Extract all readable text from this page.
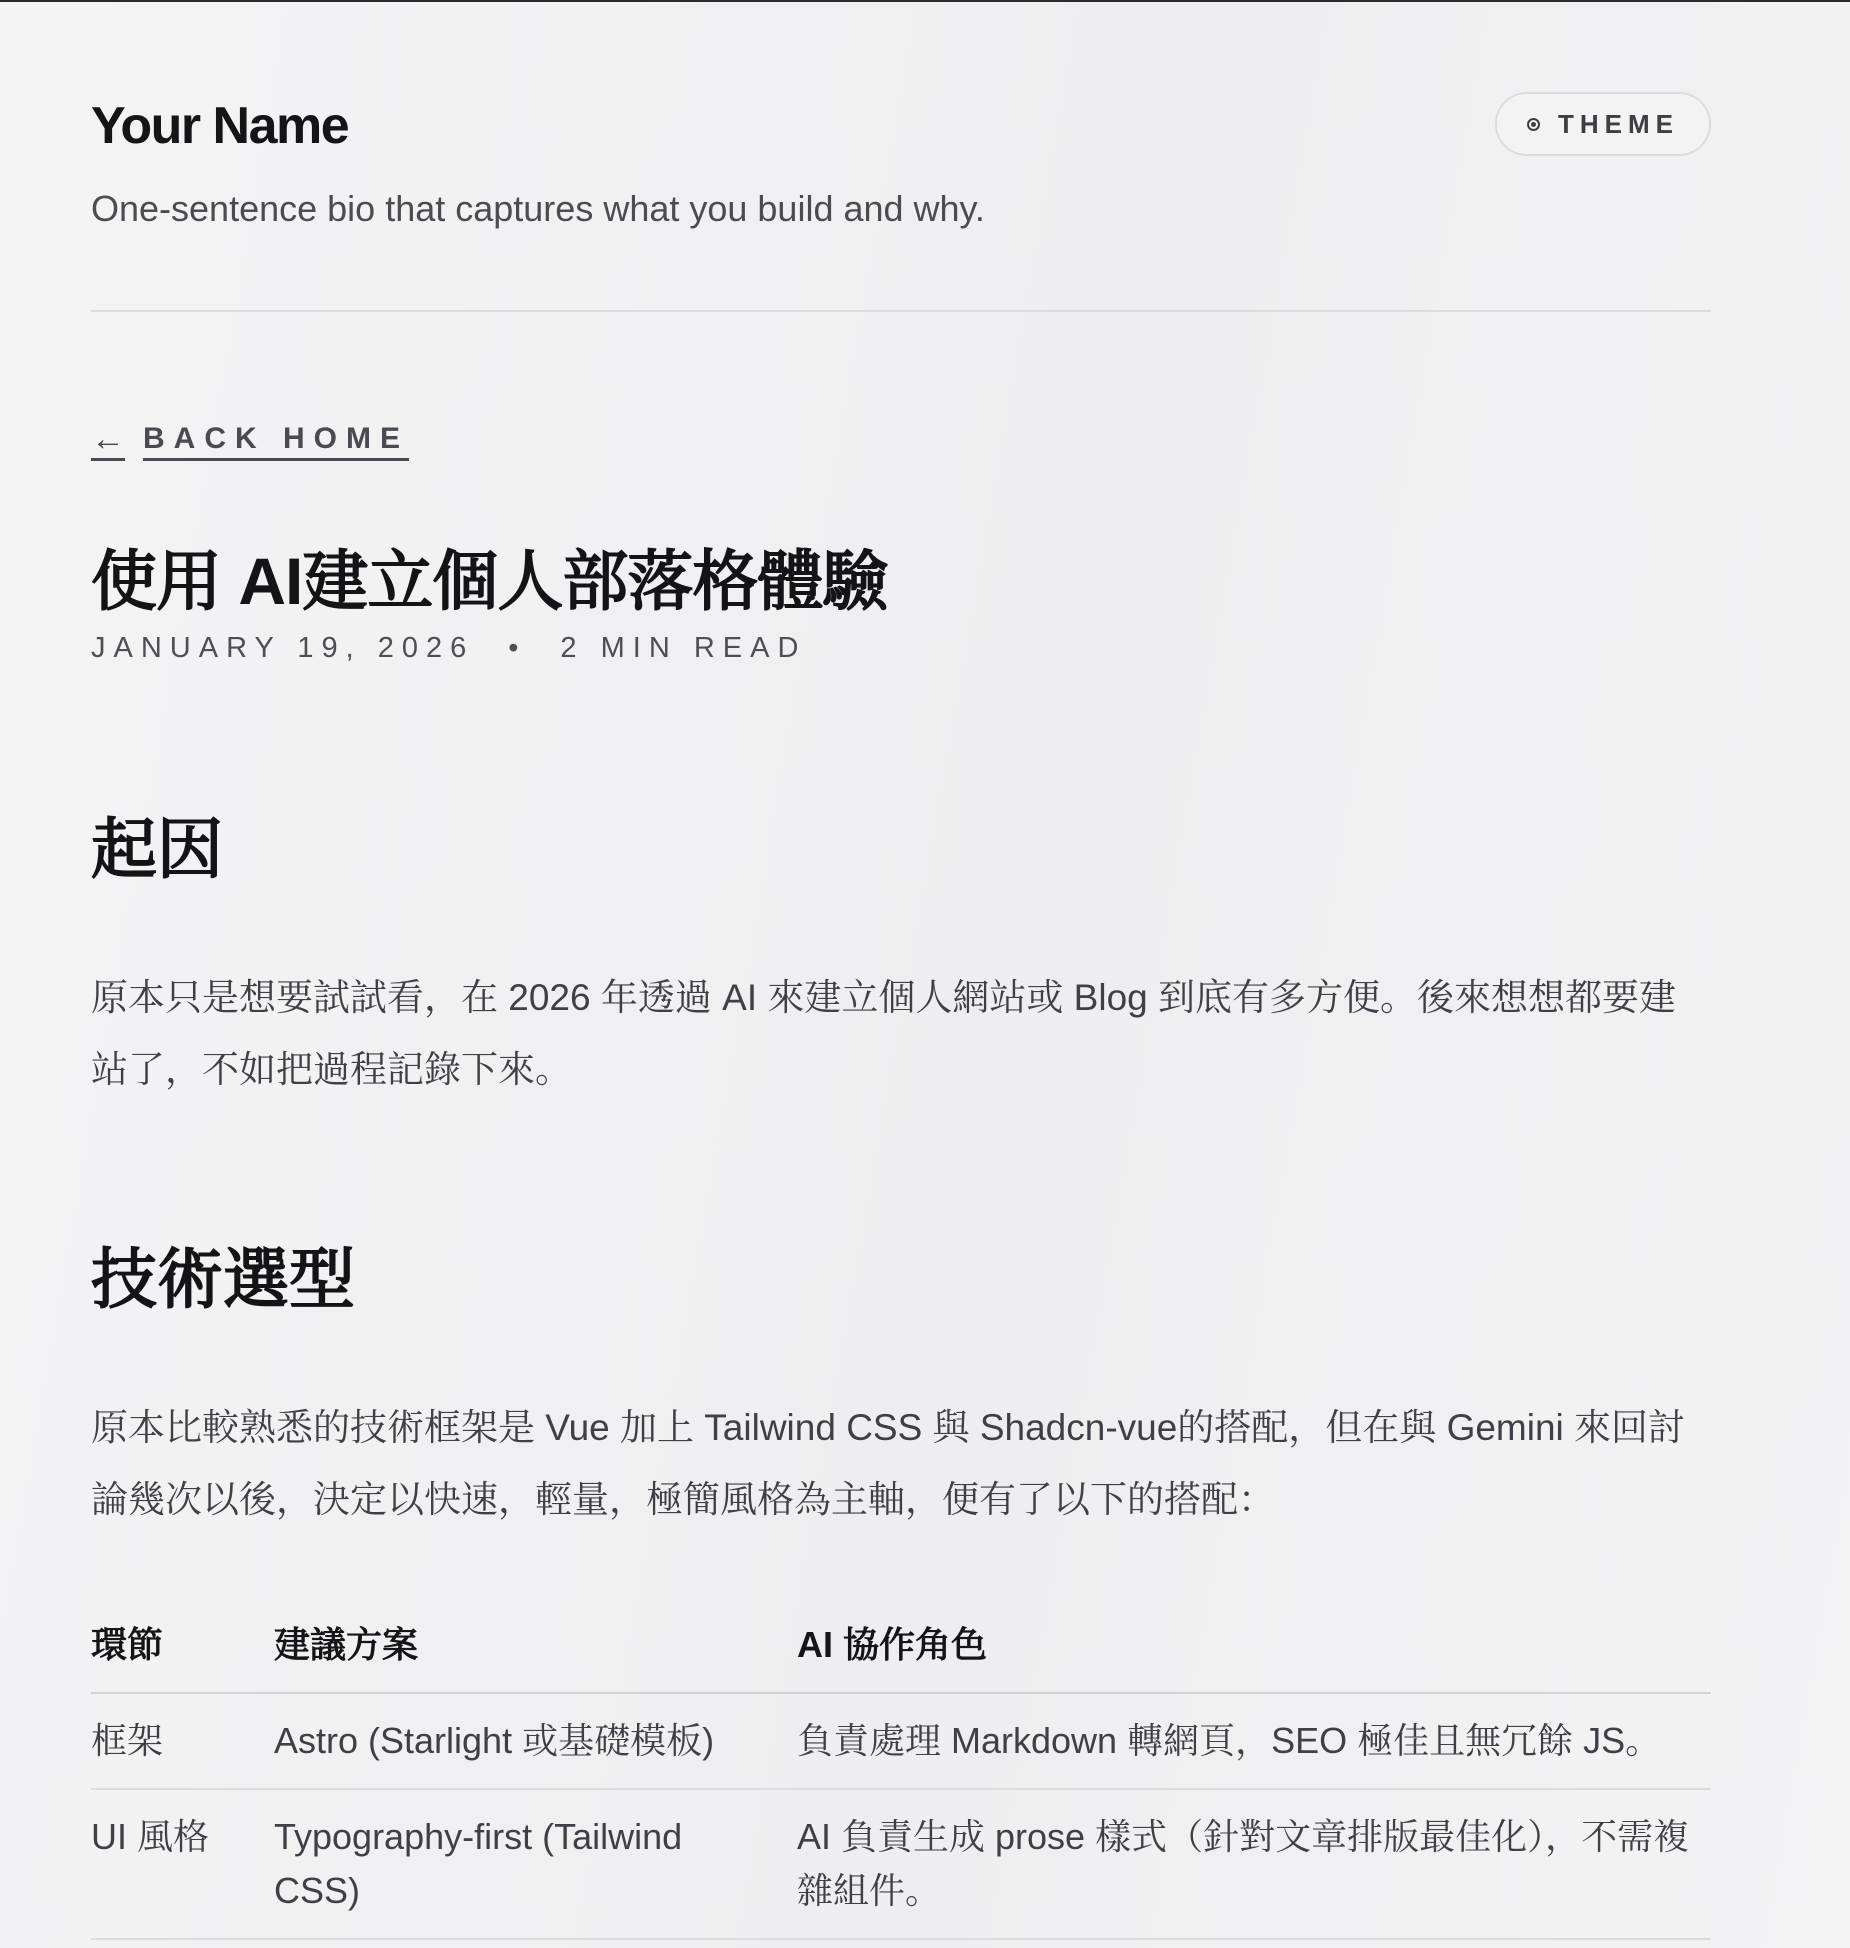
Your Name

One-sentence bio that captures what you build and why.

THEME
← BACK HOME
使用 AI建立個人部落格體驗

JANUARY 19, 2026 • 2 MIN READ

起因

原本只是想要試試看，在 2026 年透過 AI 來建立個人網站或 Blog 到底有多方便。後來想想都要建站了，不如把過程記錄下來。

技術選型

原本比較熟悉的技術框架是 Vue 加上 Tailwind CSS 與 Shadcn-vue的搭配，但在與 Gemini 來回討論幾次以後，決定以快速，輕量，極簡風格為主軸，便有了以下的搭配：

環節	建議方案	AI 協作角色
框架	Astro (Starlight 或基礎模板)	負責處理 Markdown 轉網頁，SEO 極佳且無冗餘 JS。
UI 風格	Typography-first (Tailwind CSS)	AI 負責生成 prose 樣式（針對文章排版最佳化），不需複雜組件。
